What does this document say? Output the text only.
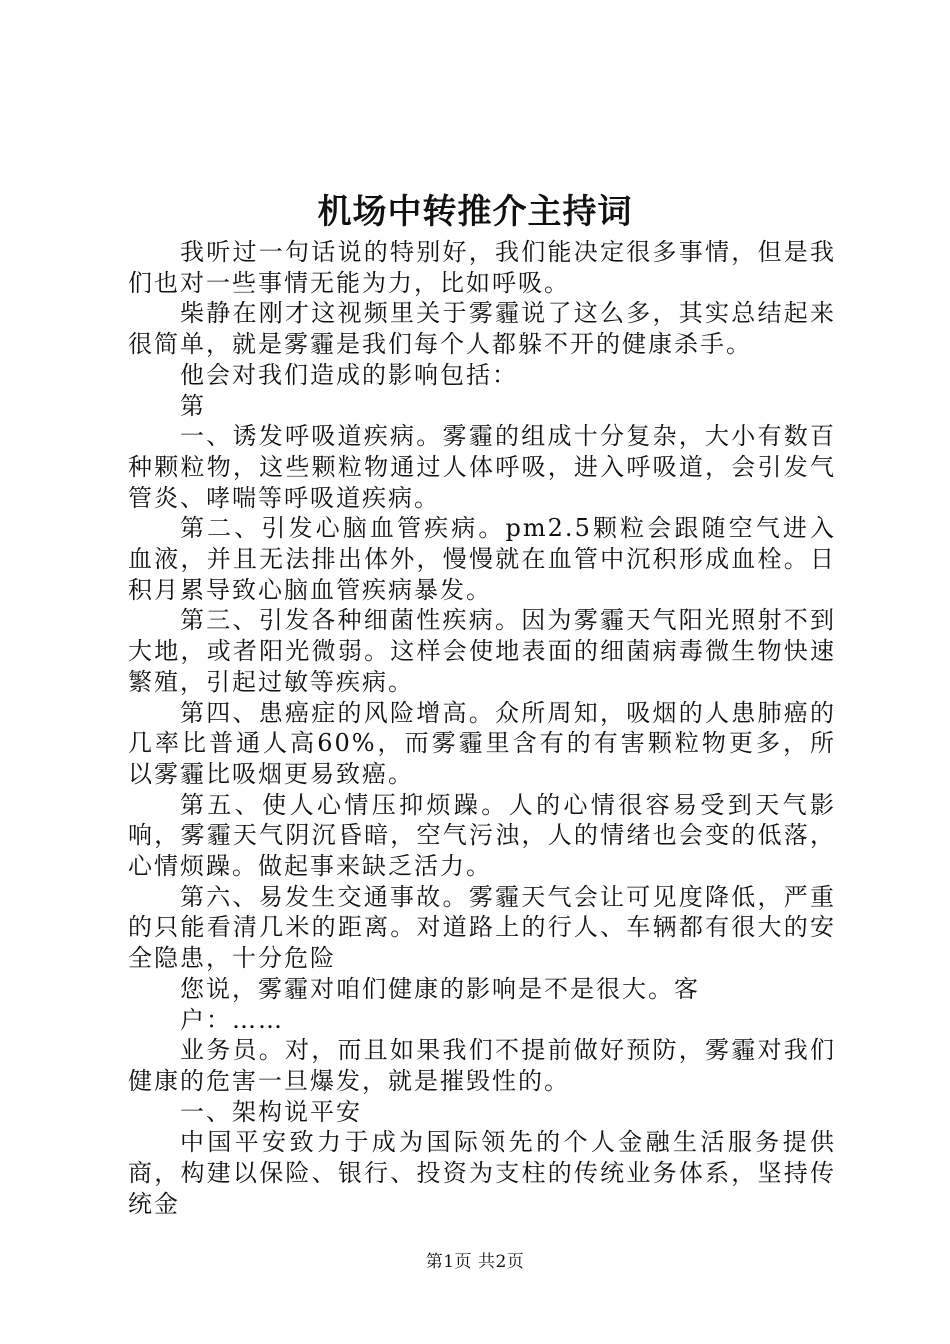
机场中转推介主持词

我听过一句话说的特别好，我们能决定很多事情，但是我们也对一些事情无能为力，比如呼吸。

柴静在刚才这视频里关于雾霾说了这么多，其实总结起来很简单，就是雾霾是我们每个人都躲不开的健康杀手。

他会对我们造成的影响包括：

第

一、诱发呼吸道疾病。雾霾的组成十分复杂，大小有数百种颗粒物，这些颗粒物通过人体呼吸，进入呼吸道，会引发气管炎、哮喘等呼吸道疾病。

第二、引发心脑血管疾病。pm2.5颗粒会跟随空气进入血液，并且无法排出体外，慢慢就在血管中沉积形成血栓。日积月累导致心脑血管疾病暴发。

第三、引发各种细菌性疾病。因为雾霾天气阳光照射不到大地，或者阳光微弱。这样会使地表面的细菌病毒微生物快速繁殖，引起过敏等疾病。

第四、患癌症的风险增高。众所周知，吸烟的人患肺癌的几率比普通人高60%，而雾霾里含有的有害颗粒物更多，所以雾霾比吸烟更易致癌。

第五、使人心情压抑烦躁。人的心情很容易受到天气影响，雾霾天气阴沉昏暗，空气污浊，人的情绪也会变的低落，心情烦躁。做起事来缺乏活力。

第六、易发生交通事故。雾霾天气会让可见度降低，严重的只能看清几米的距离。对道路上的行人、车辆都有很大的安全隐患，十分危险

您说，雾霾对咱们健康的影响是不是很大。客

户：……

业务员。对，而且如果我们不提前做好预防，雾霾对我们健康的危害一旦爆发，就是摧毁性的。

一、架构说平安

中国平安致力于成为国际领先的个人金融生活服务提供商，构建以保险、银行、投资为支柱的传统业务体系，坚持传统金

第1页 共2页
